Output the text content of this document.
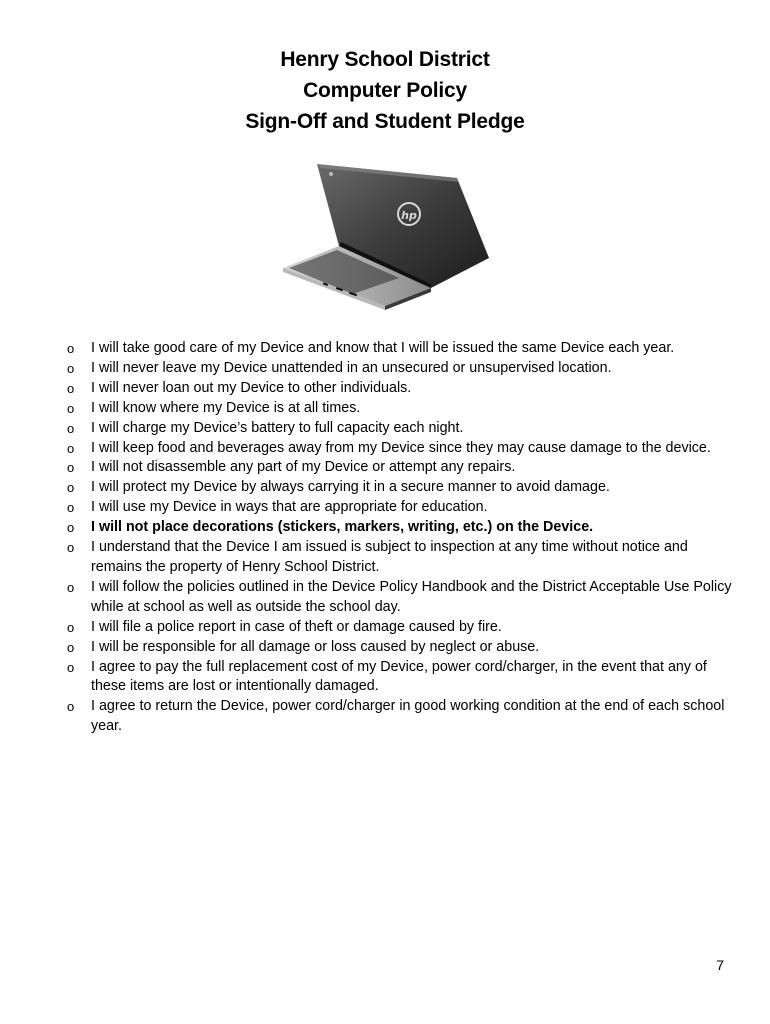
Henry School District
Computer Policy
Sign-Off and Student Pledge
hp
o I will take good care of my Device and know that I will be issued the same Device each year.
o I will never leave my Device unattended in an unsecured or unsupervised location.
o I will never loan out my Device to other individuals.
o I will know where my Device is at all times.
o I will charge my Device’s battery to full capacity each night.
o I will keep food and beverages away from my Device since they may cause damage to the device.
o I will not disassemble any part of my Device or attempt any repairs.
o I will protect my Device by always carrying it in a secure manner to avoid damage.
o I will use my Device in ways that are appropriate for education.
o I will not place decorations (stickers, markers, writing, etc.) on the Device.
o I understand that the Device I am issued is subject to inspection at any time without notice and remains the property of Henry School District.
o I will follow the policies outlined in the Device Policy Handbook and the District Acceptable Use Policy while at school as well as outside the school day.
o I will file a police report in case of theft or damage caused by fire.
o I will be responsible for all damage or loss caused by neglect or abuse.
o I agree to pay the full replacement cost of my Device, power cord/charger, in the event that any of these items are lost or intentionally damaged.
o I agree to return the Device, power cord/charger in good working condition at the end of each school year.
7
